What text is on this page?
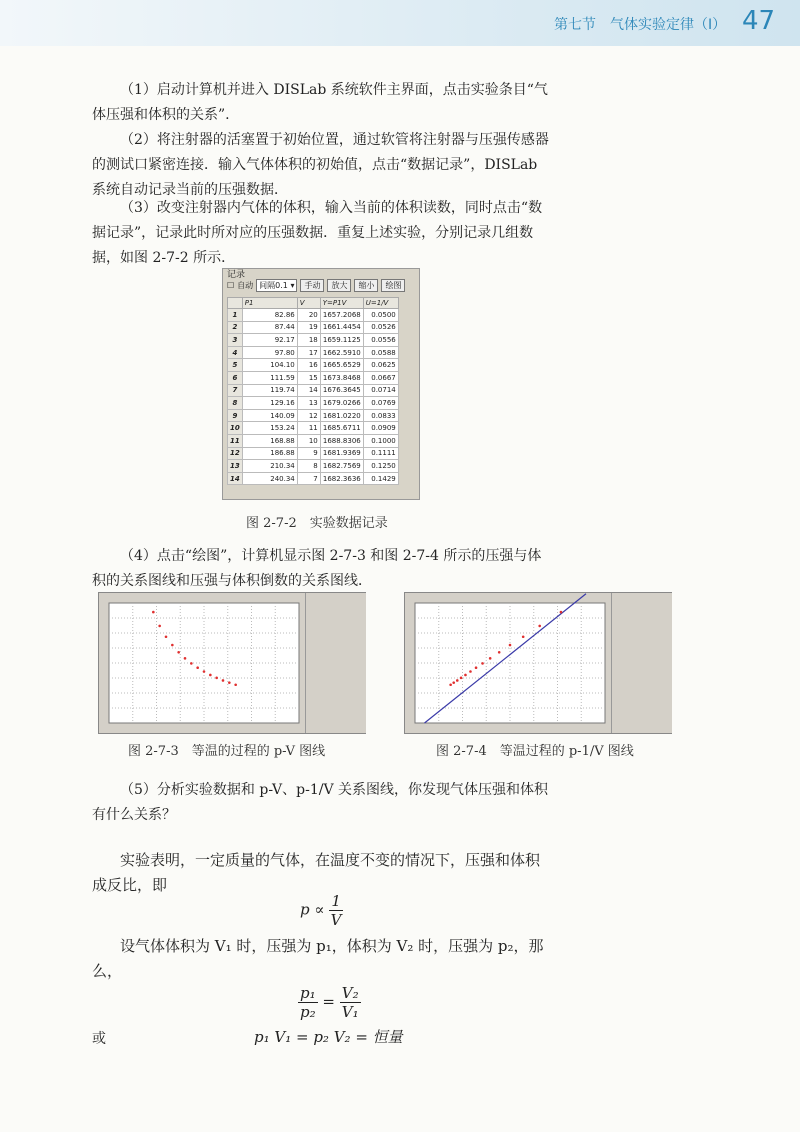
第七节　气体实验定律（I） 47

（1）启动计算机并进入 DISLab 系统软件主界面，点击实验条目“气体压强和体积的关系”.

（2）将注射器的活塞置于初始位置，通过软管将注射器与压强传感器的测试口紧密连接．输入气体体积的初始值，点击“数据记录”，DISLab 系统自动记录当前的压强数据．

（3）改变注射器内气体的体积，输入当前的体积读数，同时点击“数据记录”，记录此时所对应的压强数据．重复上述实验，分别记录几组数据，如图 2-7-2 所示．

记录
☐ 自动 间隔0.1 ▾	手动	放大	缩小	绘图
	P1	V	Y=P1V	U=1/V
1	82.86	20	1657.2068	0.0500
2	87.44	19	1661.4454	0.0526
3	92.17	18	1659.1125	0.0556
4	97.80	17	1662.5910	0.0588
5	104.10	16	1665.6529	0.0625
6	111.59	15	1673.8468	0.0667
7	119.74	14	1676.3645	0.0714
8	129.16	13	1679.0266	0.0769
9	140.09	12	1681.0220	0.0833
10	153.24	11	1685.6711	0.0909
11	168.88	10	1688.8306	0.1000
12	186.88	9	1681.9369	0.1111
13	210.34	8	1682.7569	0.1250
14	240.34	7	1682.3636	0.1429

图 2-7-2　实验数据记录

（4）点击“绘图”，计算机显示图 2-7-3 和图 2-7-4 所示的压强与体积的关系图线和压强与体积倒数的关系图线．

图 2-7-3　等温的过程的 p-V 图线	图 2-7-4　等温过程的 p-1/V 图线

（5）分析实验数据和 p-V、p-1/V 关系图线，你发现气体压强和体积有什么关系？

实验表明，一定质量的气体，在温度不变的情况下，压强和体积成反比，即

$p \propto \frac{1}{V}$

设气体体积为 V₁ 时，压强为 p₁，体积为 V₂ 时，压强为 p₂，那么，

$\frac{\text{p₁}}{\text{p₂}} = \frac{\text{V₂}}{\text{V₁}}$
或	p₁ V₁ = p₂ V₂ = 恒量
